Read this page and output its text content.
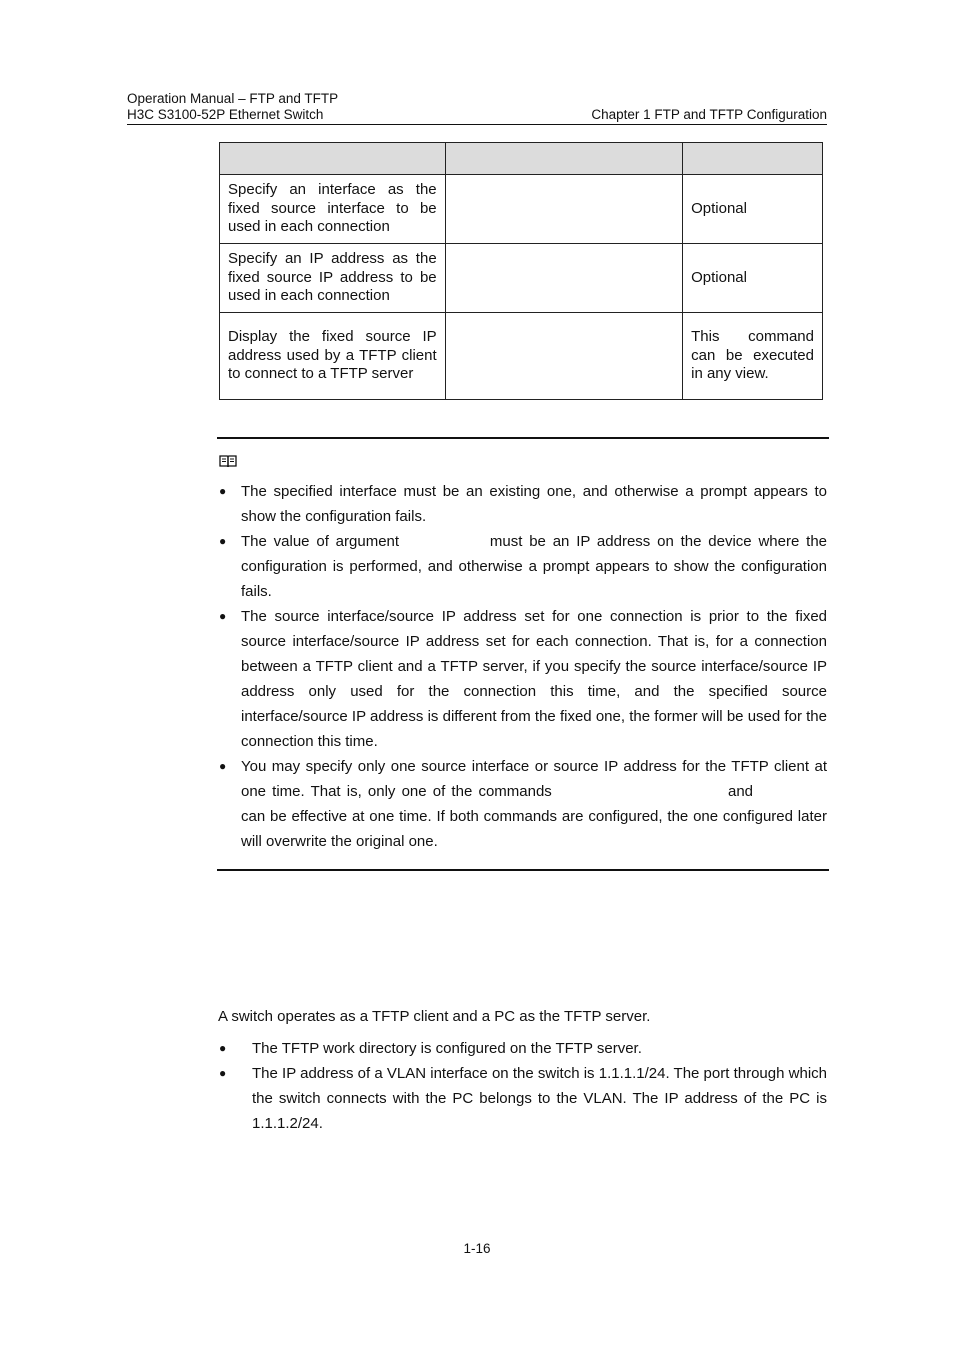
Operation Manual – FTP and TFTP
H3C S3100-52P Ethernet Switch	Chapter 1 FTP and TFTP Configuration

Specify an interface as the fixed source interface to be used in each connection		Optional
Specify an IP address as the fixed source IP address to be used in each connection		Optional
Display the fixed source IP address used by a TFTP client to connect to a TFTP server		This command can be executed in any view.
● The specified interface must be an existing one, and otherwise a prompt appears to show the configuration fails.
● The value of argument	must be an IP address on the device where the configuration is performed, and otherwise a prompt appears to show the configuration fails.
● The source interface/source IP address set for one connection is prior to the fixed source interface/source IP address set for each connection. That is, for a connection between a TFTP client and a TFTP server, if you specify the source interface/source IP address only used for the connection this time, and the specified source interface/source IP address is different from the fixed one, the former will be used for the connection this time.
● You may specify only one source interface or source IP address for the TFTP client at one time. That is, only one of the commands	and can be effective at one time. If both commands are configured, the one configured later will overwrite the original one.
A switch operates as a TFTP client and a PC as the TFTP server.
● The TFTP work directory is configured on the TFTP server.
● The IP address of a VLAN interface on the switch is 1.1.1.1/24. The port through which the switch connects with the PC belongs to the VLAN. The IP address of the PC is 1.1.1.2/24.
1-16
